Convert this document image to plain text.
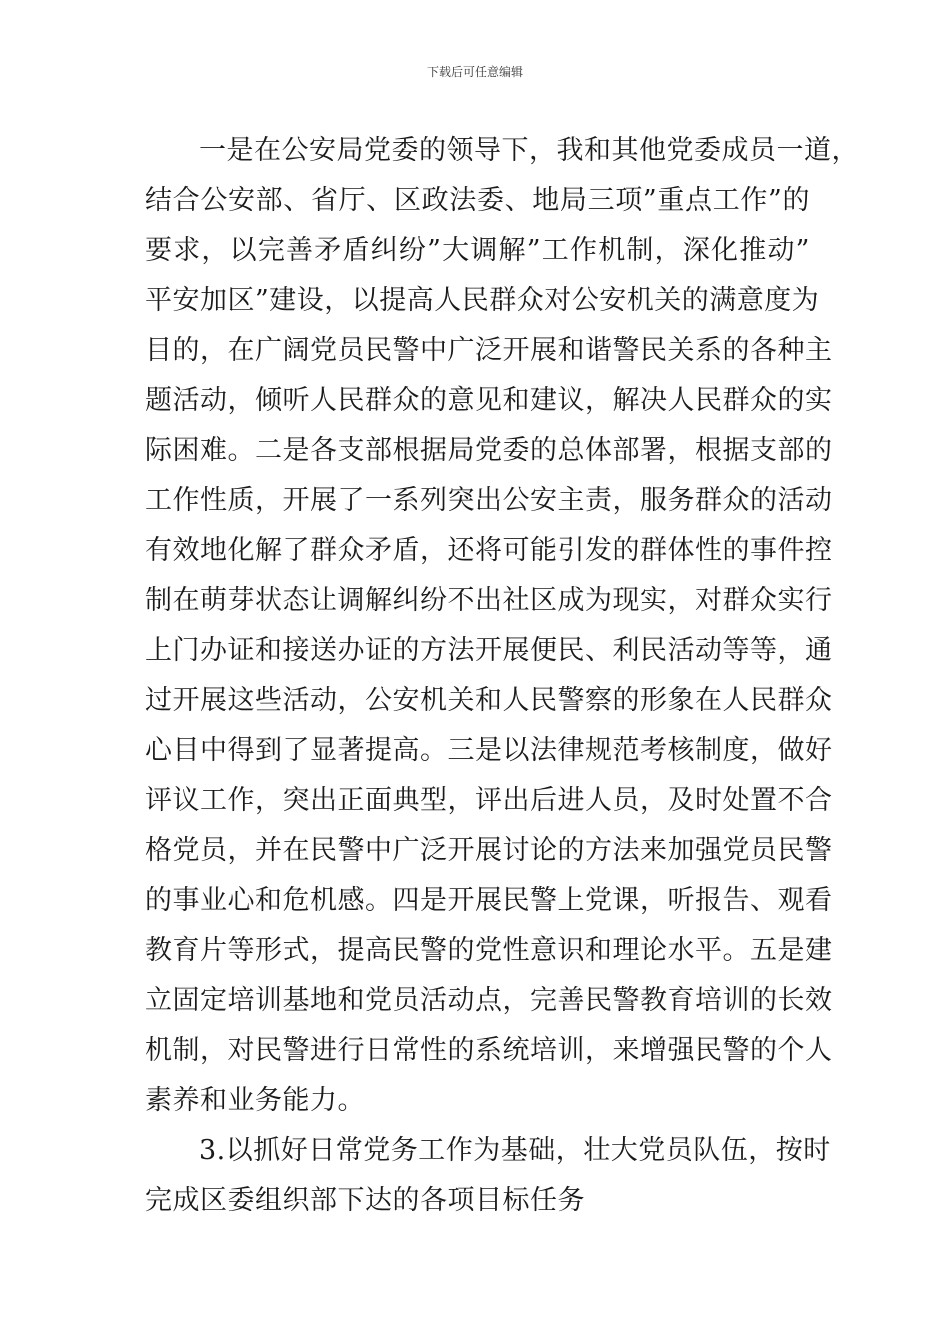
下载后可任意编辑
一是在公安局党委的领导下，我和其他党委成员一道，
结合公安部、省厅、区政法委、地局三项”重点工作”的
要求，以完善矛盾纠纷”大调解”工作机制，深化推动”
平安加区”建设，以提高人民群众对公安机关的满意度为
目的，在广阔党员民警中广泛开展和谐警民关系的各种主
题活动，倾听人民群众的意见和建议，解决人民群众的实
际困难。二是各支部根据局党委的总体部署，根据支部的
工作性质，开展了一系列突出公安主责，服务群众的活动
有效地化解了群众矛盾，还将可能引发的群体性的事件控
制在萌芽状态让调解纠纷不出社区成为现实，对群众实行
上门办证和接送办证的方法开展便民、利民活动等等，通
过开展这些活动，公安机关和人民警察的形象在人民群众
心目中得到了显著提高。三是以法律规范考核制度，做好
评议工作，突出正面典型，评出后进人员，及时处置不合
格党员，并在民警中广泛开展讨论的方法来加强党员民警
的事业心和危机感。四是开展民警上党课，听报告、观看
教育片等形式，提高民警的党性意识和理论水平。五是建
立固定培训基地和党员活动点，完善民警教育培训的长效
机制，对民警进行日常性的系统培训，来增强民警的个人
素养和业务能力。
3.以抓好日常党务工作为基础，壮大党员队伍，按时
完成区委组织部下达的各项目标任务
